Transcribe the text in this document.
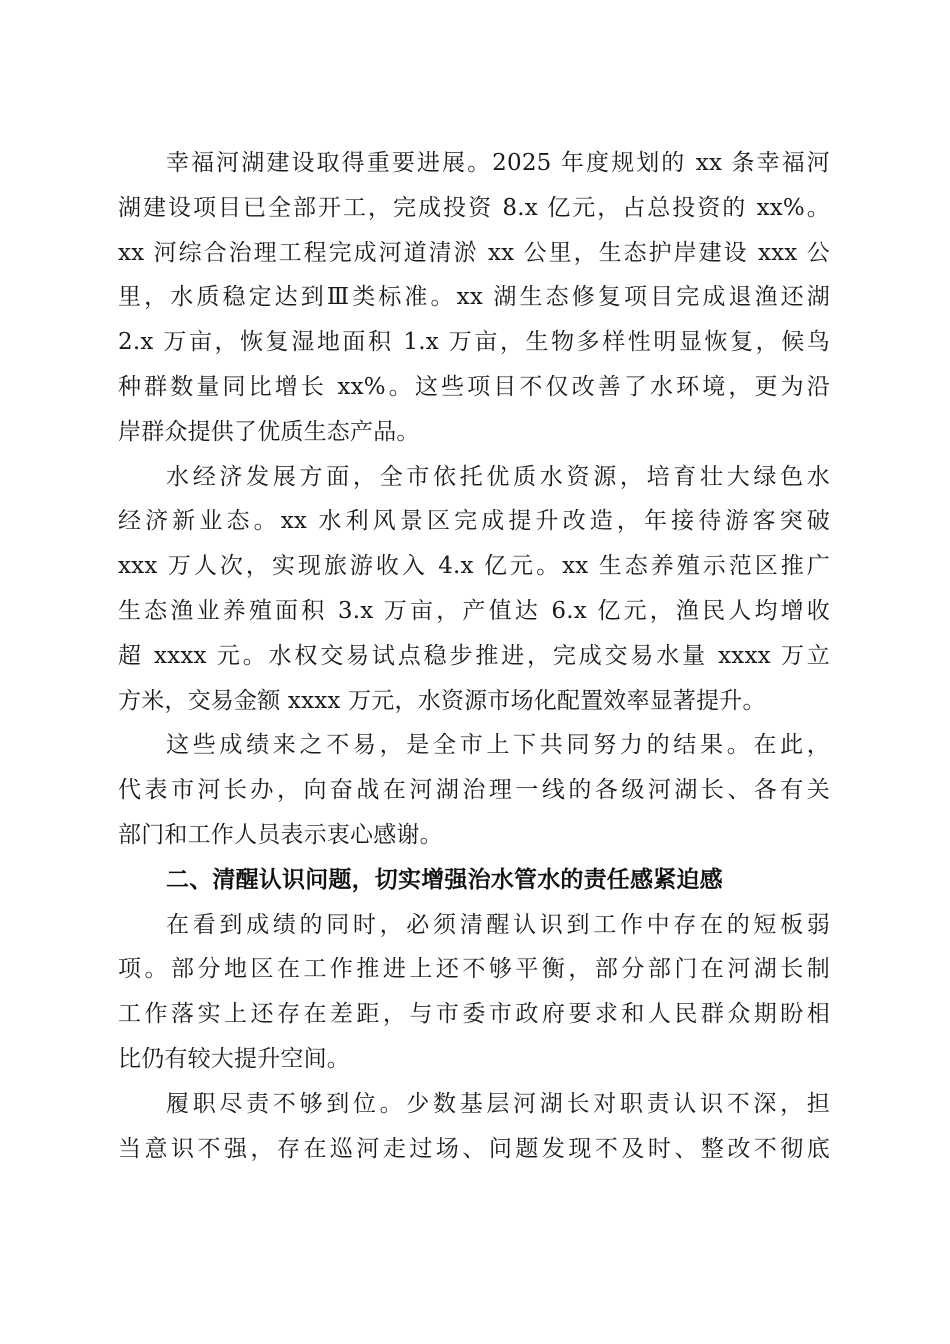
幸福河湖建设取得重要进展。2025 年度规划的 xx 条幸福河
湖建设项目已全部开工，完成投资 8.x 亿元，占总投资的 xx%。
xx 河综合治理工程完成河道清淤 xx 公里，生态护岸建设 xxx 公
里，水质稳定达到Ⅲ类标准。xx 湖生态修复项目完成退渔还湖
2.x 万亩，恢复湿地面积 1.x 万亩，生物多样性明显恢复，候鸟
种群数量同比增长 xx%。这些项目不仅改善了水环境，更为沿
岸群众提供了优质生态产品。
水经济发展方面，全市依托优质水资源，培育壮大绿色水
经济新业态。xx 水利风景区完成提升改造，年接待游客突破
xxx 万人次，实现旅游收入 4.x 亿元。xx 生态养殖示范区推广
生态渔业养殖面积 3.x 万亩，产值达 6.x 亿元，渔民人均增收
超 xxxx 元。水权交易试点稳步推进，完成交易水量 xxxx 万立
方米，交易金额 xxxx 万元，水资源市场化配置效率显著提升。
这些成绩来之不易，是全市上下共同努力的结果。在此，
代表市河长办，向奋战在河湖治理一线的各级河湖长、各有关
部门和工作人员表示衷心感谢。
二、清醒认识问题，切实增强治水管水的责任感紧迫感
在看到成绩的同时，必须清醒认识到工作中存在的短板弱
项。部分地区在工作推进上还不够平衡，部分部门在河湖长制
工作落实上还存在差距，与市委市政府要求和人民群众期盼相
比仍有较大提升空间。
履职尽责不够到位。少数基层河湖长对职责认识不深，担
当意识不强，存在巡河走过场、问题发现不及时、整改不彻底
